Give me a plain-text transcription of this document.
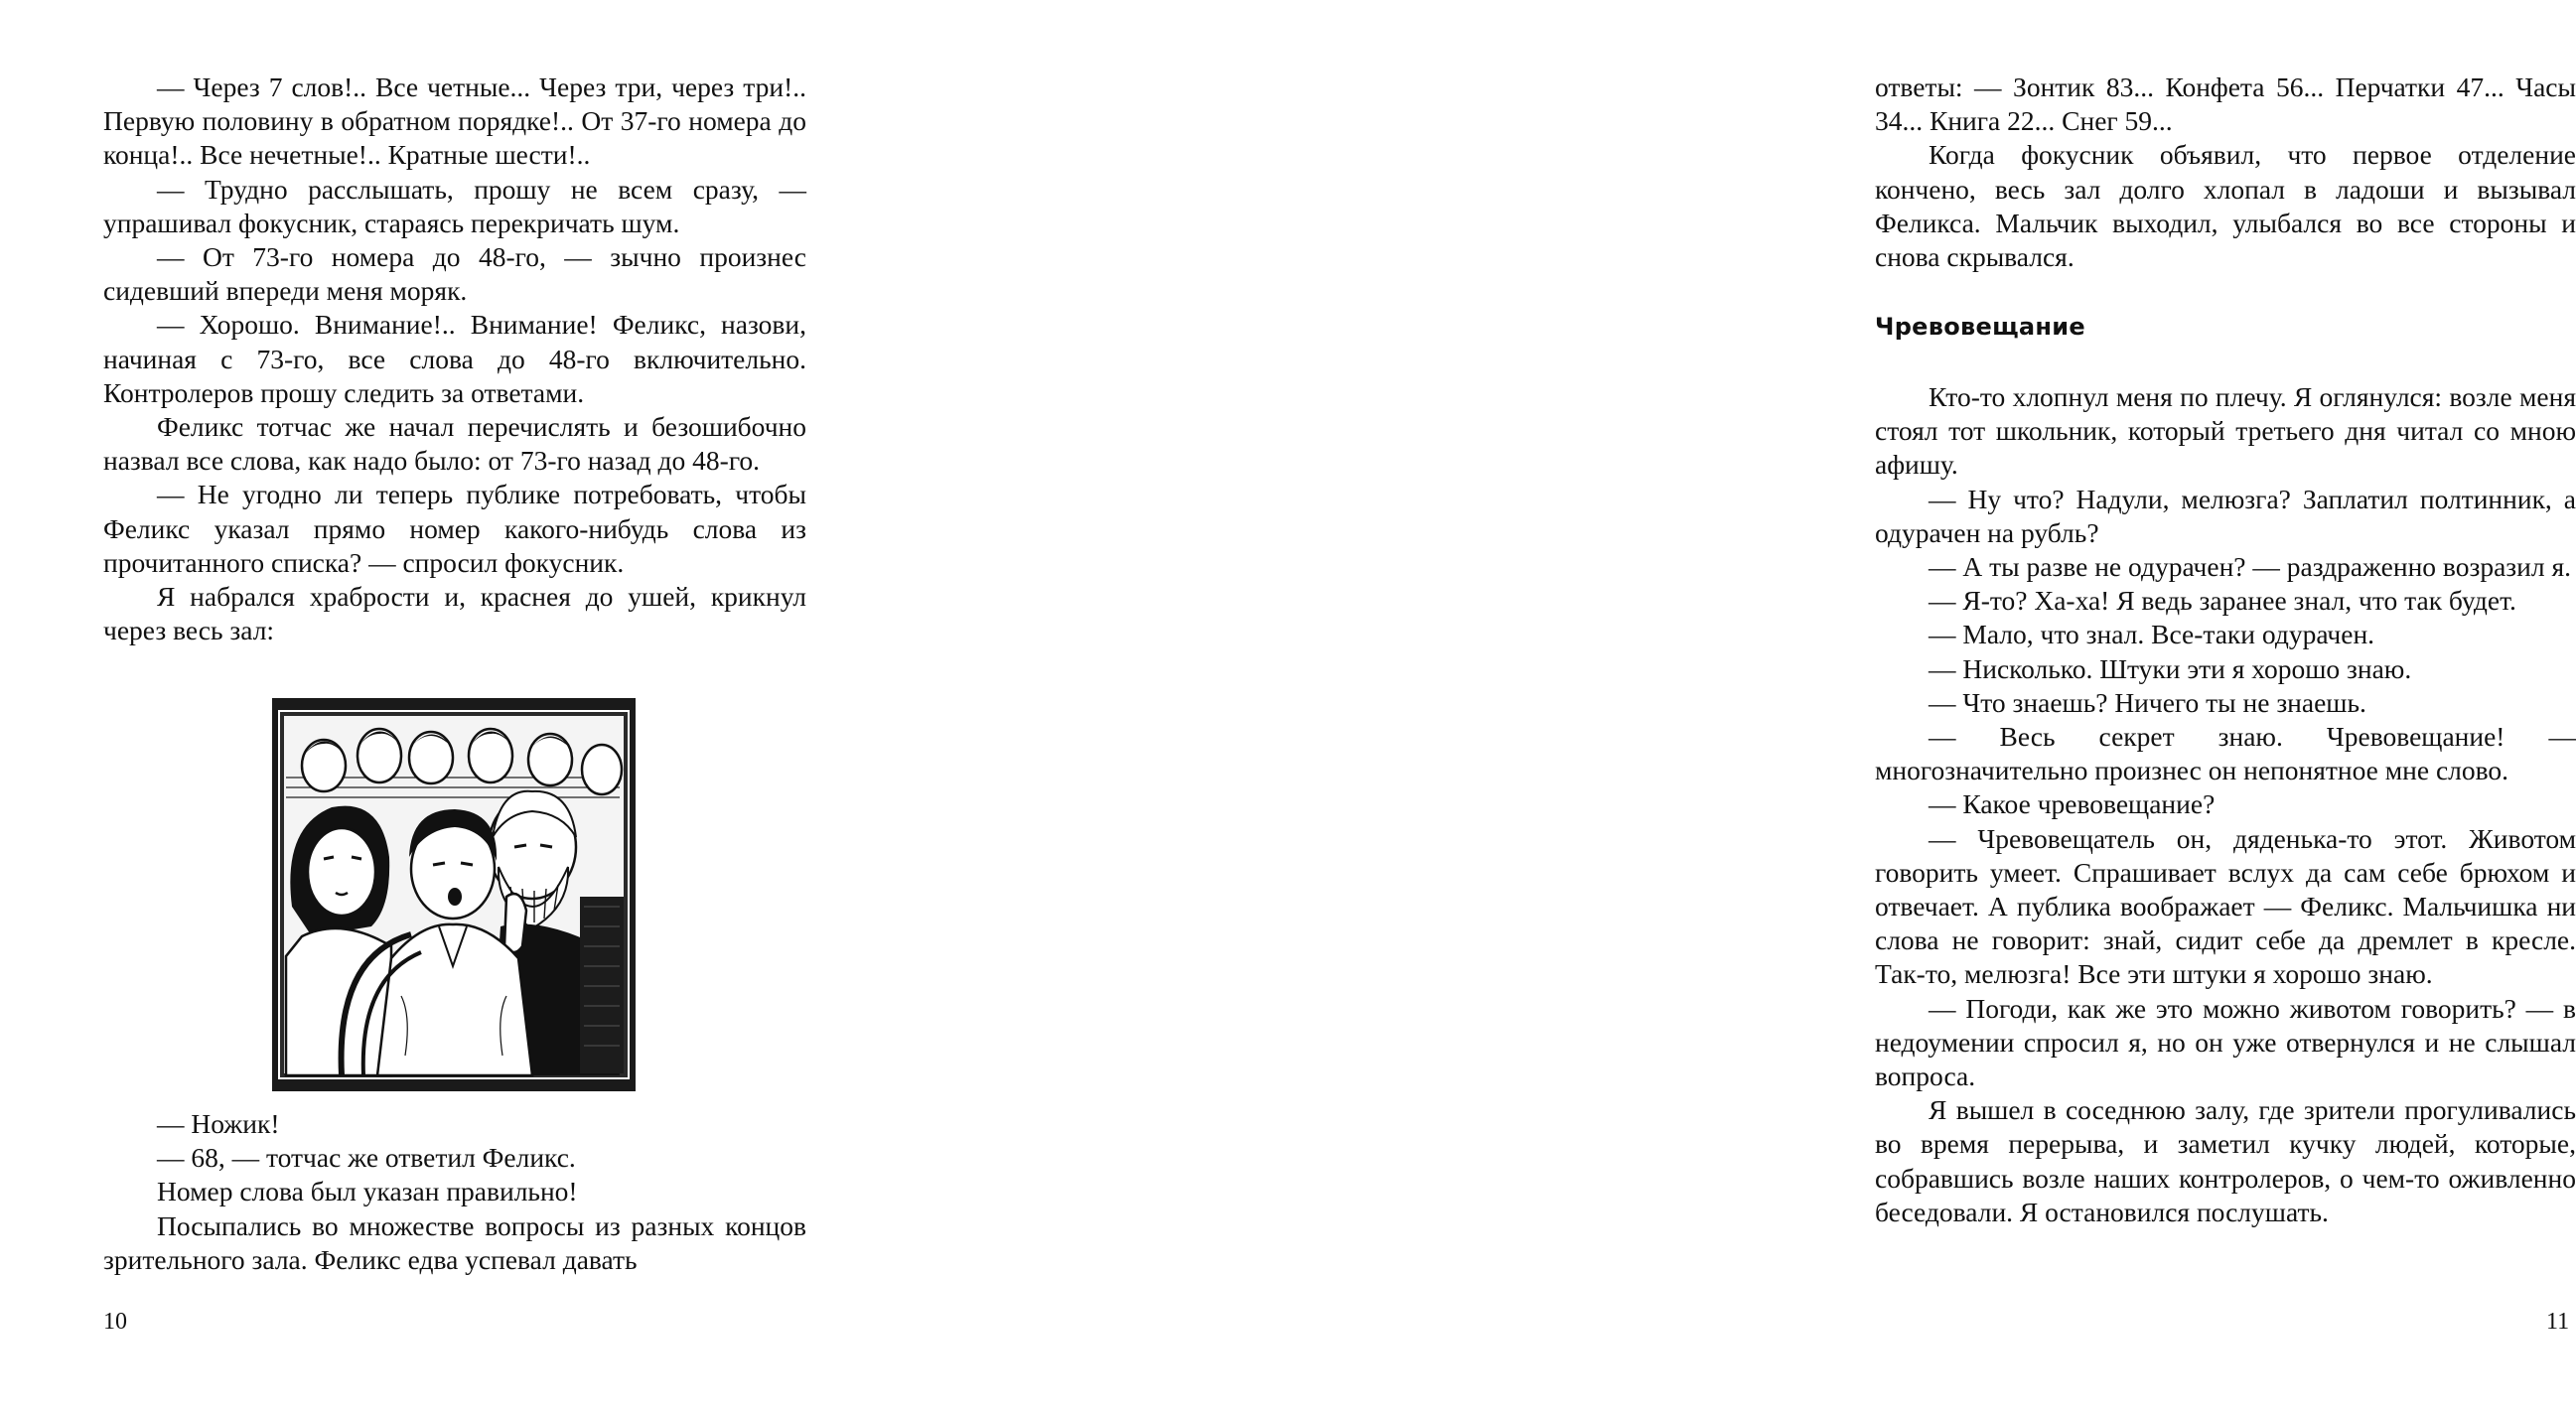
— Через 7 слов!.. Все четные... Через три, через три!.. Первую половину в обратном порядке!.. От 37-го номера до конца!.. Все нечетные!.. Кратные шести!..

— Трудно расслышать, прошу не всем сразу, — упрашивал фокусник, стараясь перекричать шум.

— От 73-го номера до 48-го, — зычно произнес сидевший впереди меня моряк.

— Хорошо. Внимание!.. Внимание! Феликс, назови, начиная с 73-го, все слова до 48-го включительно. Контролеров прошу следить за ответами.

Феликс тотчас же начал перечислять и безошибочно назвал все слова, как надо было: от 73-го назад до 48-го.

— Не угодно ли теперь публике потребовать, чтобы Феликс указал прямо номер какого-нибудь слова из прочитанного списка? — спросил фокусник.

Я набрался храбрости и, краснея до ушей, крикнул через весь зал:

— Ножик!

— 68, — тотчас же ответил Феликс.

Номер слова был указан правильно!

Посыпались во множестве вопросы из разных концов зрительного зала. Феликс едва успевал давать

10

ответы: — Зонтик 83... Конфета 56... Перчатки 47... Часы 34... Книга 22... Снег 59...

Когда фокусник объявил, что первое отделение кончено, весь зал долго хлопал в ладоши и вызывал Феликса. Мальчик выходил, улыбался во все стороны и снова скрывался.

Чревовещание

Кто-то хлопнул меня по плечу. Я оглянулся: возле меня стоял тот школьник, который третьего дня читал со мною афишу.

— Ну что? Надули, мелюзга? Заплатил полтинник, а одурачен на рубль?

— А ты разве не одурачен? — раздраженно возразил я.

— Я-то? Ха-ха! Я ведь заранее знал, что так будет.

— Мало, что знал. Все-таки одурачен.

— Нисколько. Штуки эти я хорошо знаю.

— Что знаешь? Ничего ты не знаешь.

— Весь секрет знаю. Чревовещание! — многозначительно произнес он непонятное мне слово.

— Какое чревовещание?

— Чревовещатель он, дяденька-то этот. Животом говорить умеет. Спрашивает вслух да сам себе брюхом и отвечает. А публика воображает — Феликс. Мальчишка ни слова не говорит: знай, сидит себе да дремлет в кресле. Так-то, мелюзга! Все эти штуки я хорошо знаю.

— Погоди, как же это можно животом говорить? — в недоумении спросил я, но он уже отвернулся и не слышал вопроса.

Я вышел в соседнюю залу, где зрители прогуливались во время перерыва, и заметил кучку людей, которые, собравшись возле наших контролеров, о чем-то оживленно беседовали. Я остановился послушать.

11
